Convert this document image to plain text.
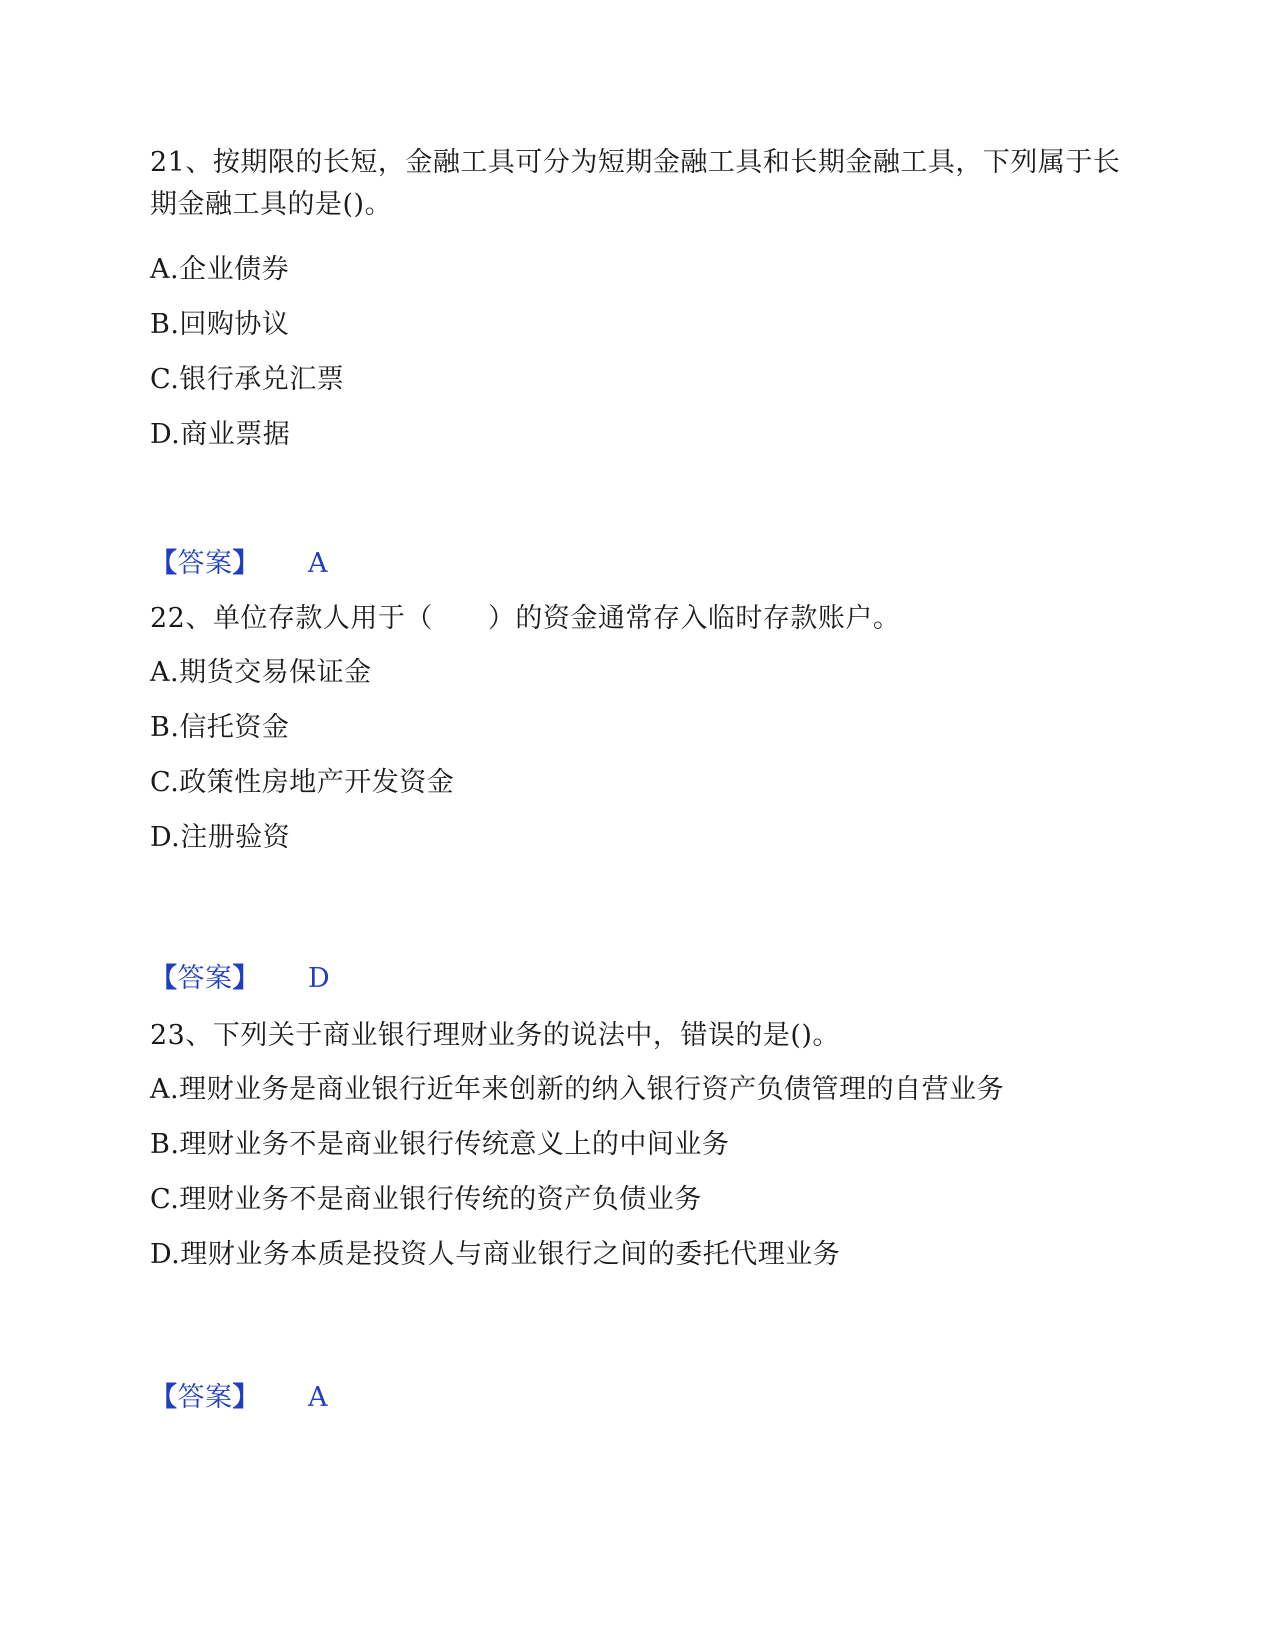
21、按期限的长短，金融工具可分为短期金融工具和长期金融工具，下列属于长期金融工具的是()。

A.企业债券

B.回购协议

C.银行承兑汇票

D.商业票据

【答案】 A

22、单位存款人用于（　　）的资金通常存入临时存款账户。

A.期货交易保证金

B.信托资金

C.政策性房地产开发资金

D.注册验资

【答案】 D

23、下列关于商业银行理财业务的说法中，错误的是()。

A.理财业务是商业银行近年来创新的纳入银行资产负债管理的自营业务

B.理财业务不是商业银行传统意义上的中间业务

C.理财业务不是商业银行传统的资产负债业务

D.理财业务本质是投资人与商业银行之间的委托代理业务

【答案】 A
